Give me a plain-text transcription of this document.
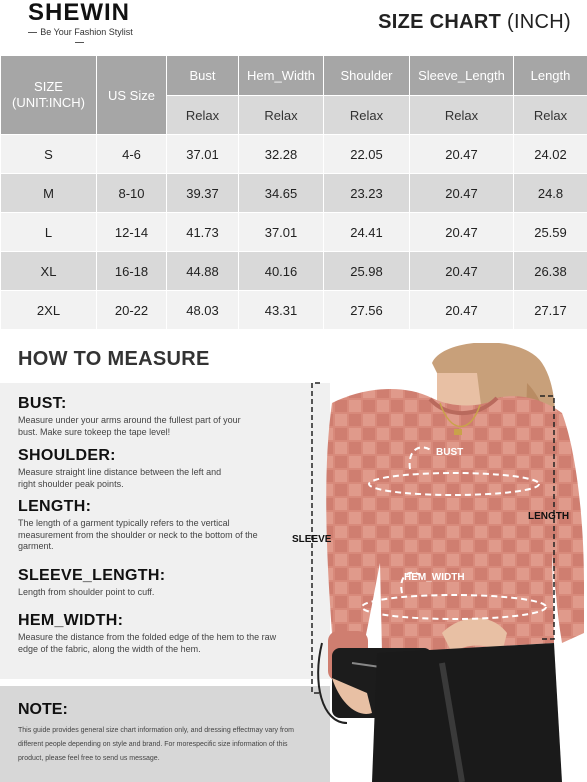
SHEWIN
Be Your Fashion Stylist	SIZE CHART (INCH)
SIZE
(UNIT:INCH)	US Size	Bust	Hem_Width	Shoulder	Sleeve_Length	Length
		Relax	Relax	Relax	Relax	Relax
S	4-6	37.01	32.28	22.05	20.47	24.02
M	8-10	39.37	34.65	23.23	20.47	24.8
L	12-14	41.73	37.01	24.41	20.47	25.59
XL	16-18	44.88	40.16	25.98	20.47	26.38
2XL	20-22	48.03	43.31	27.56	20.47	27.17
HOW TO MEASURE
BUST:
Measure under your arms around the fullest part of your bust. Make sure tokeep the tape level!
SHOULDER:
Measure straight line distance between the left and right shoulder peak points.
LENGTH:
The length of a garment typically refers to the vertical measurement from the shoulder or neck to the bottom of the garment.
SLEEVE_LENGTH:
Length from shoulder point to cuff.
HEM_WIDTH:
Measure the distance from the folded edge of the hem to the raw edge of the fabric, along the width of the hem.
NOTE:
This guide provides general size chart information only, and dressing effectmay vary from different people depending on style and brand. For morespecific size information of this product, please feel free to send us message.
BUST
HEM_WIDTH
SLEEVE
LENGTH
